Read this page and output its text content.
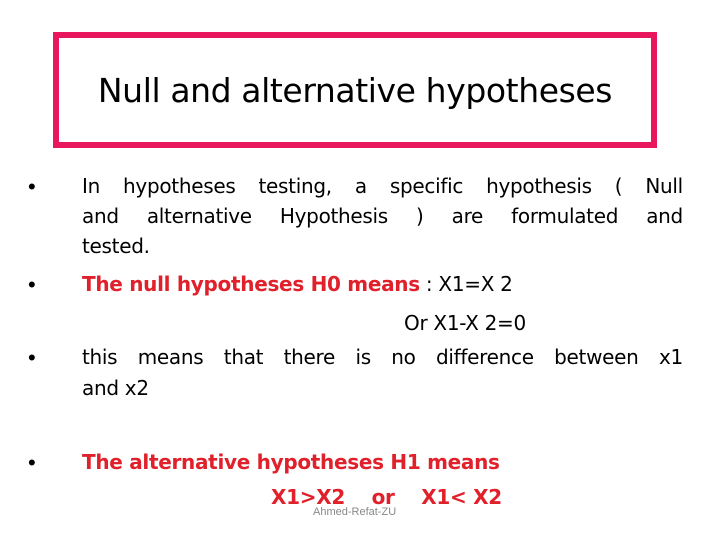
Null and alternative hypotheses
• In hypotheses testing, a specific hypothesis ( Null
and alternative Hypothesis ) are formulated and
tested.
• The null hypotheses H0 means : X1=X 2
Or X1-X 2=0
• this means that there is no difference between x1
and x2
• The alternative hypotheses H1 means
X1>X2    or    X1< X2
Ahmed-Refat-ZU
